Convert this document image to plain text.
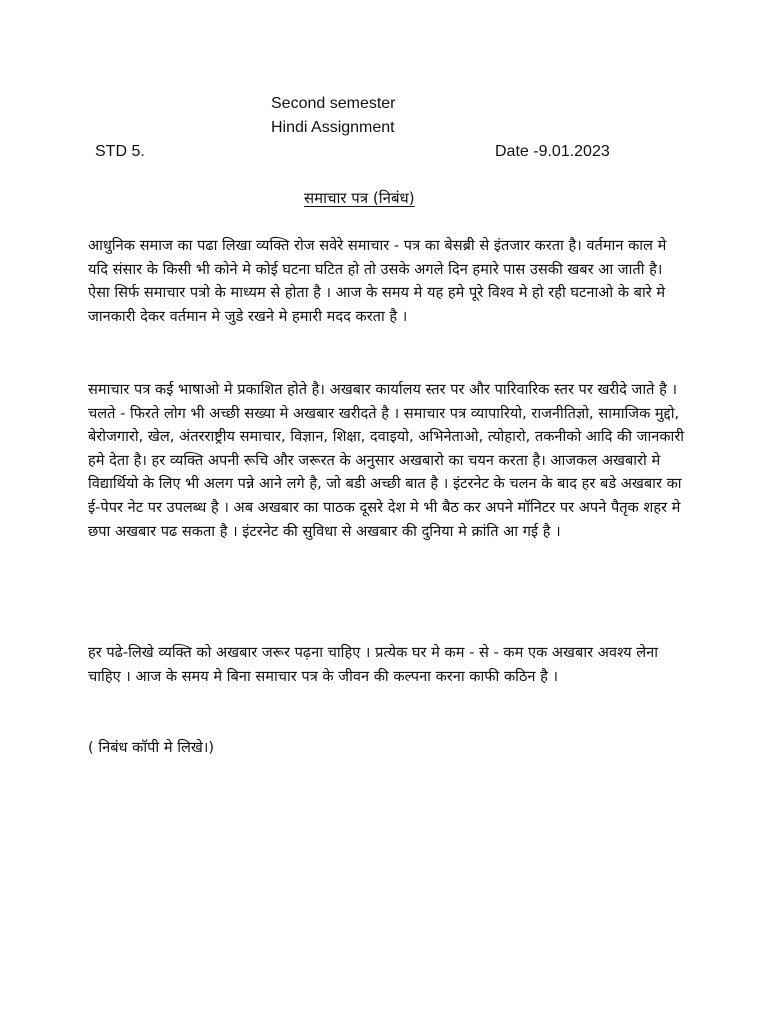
Second semester
Hindi Assignment
STD 5.	Date -9.01.2023
समाचार पत्र (निबंध)

आधुनिक समाज का पढा लिखा व्यक्ति रोज सवेरे समाचार - पत्र का बेसब्री से इंतजार करता है। वर्तमान काल मे यदि संसार के किसी भी कोने मे कोई घटना घटित हो तो उसके अगले दिन हमारे पास उसकी खबर आ जाती है। ऐसा सिर्फ समाचार पत्रो के माध्यम से होता है । आज के समय मे यह हमे पूरे विश्व मे हो रही घटनाओ के बारे मे जानकारी देकर वर्तमान मे जुडे रखने मे हमारी मदद करता है ।

समाचार पत्र कई भाषाओ मे प्रकाशित होते है। अखबार कार्यालय स्तर पर और पारिवारिक स्तर पर खरीदे जाते है । चलते - फिरते लोग भी अच्छी सख्या मे अखबार खरीदते है । समाचार पत्र व्यापारियो, राजनीतिज्ञो, सामाजिक मुद्दो, बेरोजगारो, खेल, अंतरराष्ट्रीय समाचार, विज्ञान, शिक्षा, दवाइयो, अभिनेताओ, त्योहारो, तकनीको आदि की जानकारी हमे देता है। हर व्यक्ति अपनी रूचि और जरूरत के अनुसार अखबारो का चयन करता है। आजकल अखबारो मे विद्यार्थियो के लिए भी अलग पन्ने आने लगे है, जो बडी अच्छी बात है । इंटरनेट के चलन के बाद हर बडे अखबार का ई-पेपर नेट पर उपलब्ध है । अब अखबार का पाठक दूसरे देश मे भी बैठ कर अपने मॉनिटर पर अपने पैतृक शहर मे छपा अखबार पढ सकता है । इंटरनेट की सुविधा से अखबार की दुनिया मे क्रांति आ गई है ।

हर पढे-लिखे व्यक्ति को अखबार जरूर पढ़ना चाहिए । प्रत्येक घर मे कम - से - कम एक अखबार अवश्य लेना चाहिए । आज के समय मे बिना समाचार पत्र के जीवन की कल्पना करना काफी कठिन है ।

( निबंध कॉपी मे लिखे।)
